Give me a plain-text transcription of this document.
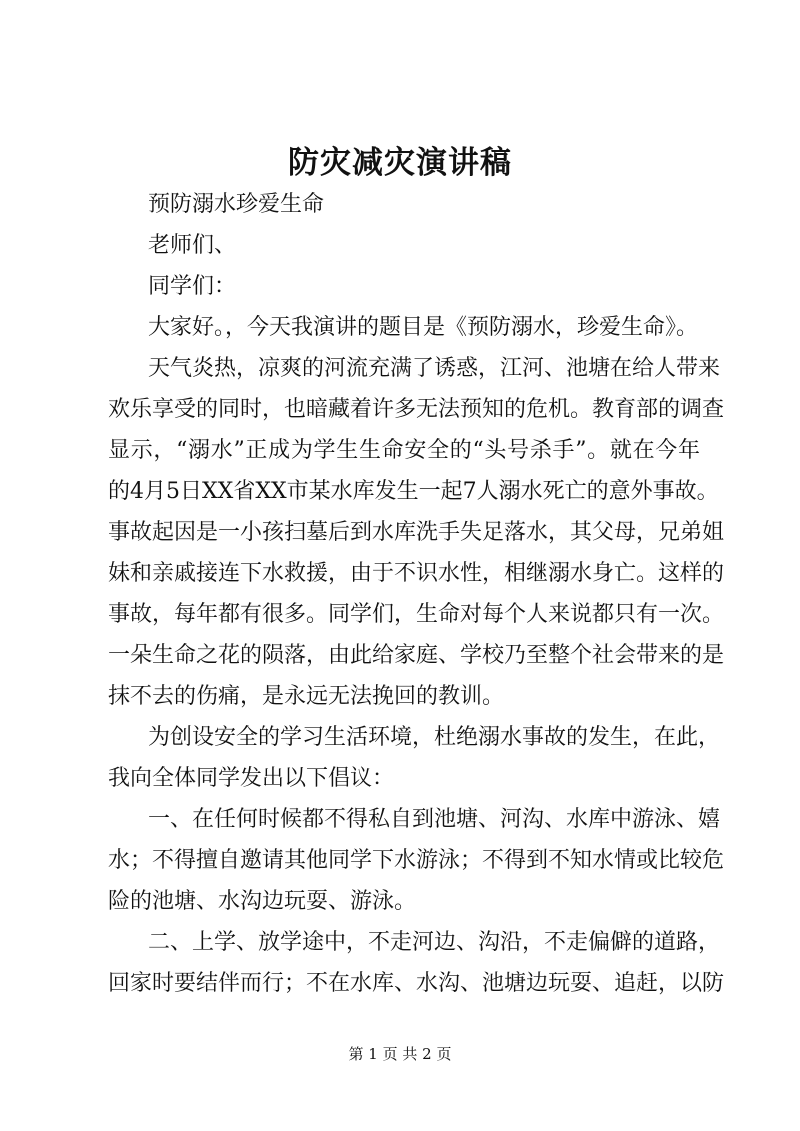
防灾减灾演讲稿
预防溺水珍爱生命
老师们、
同学们：
大家好。，今天我演讲的题目是《预防溺水，珍爱生命》。
天气炎热，凉爽的河流充满了诱惑，江河、池塘在给人带来
欢乐享受的同时，也暗藏着许多无法预知的危机。教育部的调查
显示，“溺水”正成为学生生命安全的“头号杀手”。就在今年
的4月5日XX省XX市某水库发生一起7人溺水死亡的意外事故。
事故起因是一小孩扫墓后到水库洗手失足落水，其父母，兄弟姐
妹和亲戚接连下水救援，由于不识水性，相继溺水身亡。这样的
事故，每年都有很多。同学们，生命对每个人来说都只有一次。
一朵生命之花的陨落，由此给家庭、学校乃至整个社会带来的是
抹不去的伤痛，是永远无法挽回的教训。
为创设安全的学习生活环境，杜绝溺水事故的发生，在此，
我向全体同学发出以下倡议：
一、在任何时候都不得私自到池塘、河沟、水库中游泳、嬉
水；不得擅自邀请其他同学下水游泳；不得到不知水情或比较危
险的池塘、水沟边玩耍、游泳。
二、上学、放学途中，不走河边、沟沿，不走偏僻的道路，
回家时要结伴而行；不在水库、水沟、池塘边玩耍、追赶，以防
第 1 页 共 2 页
